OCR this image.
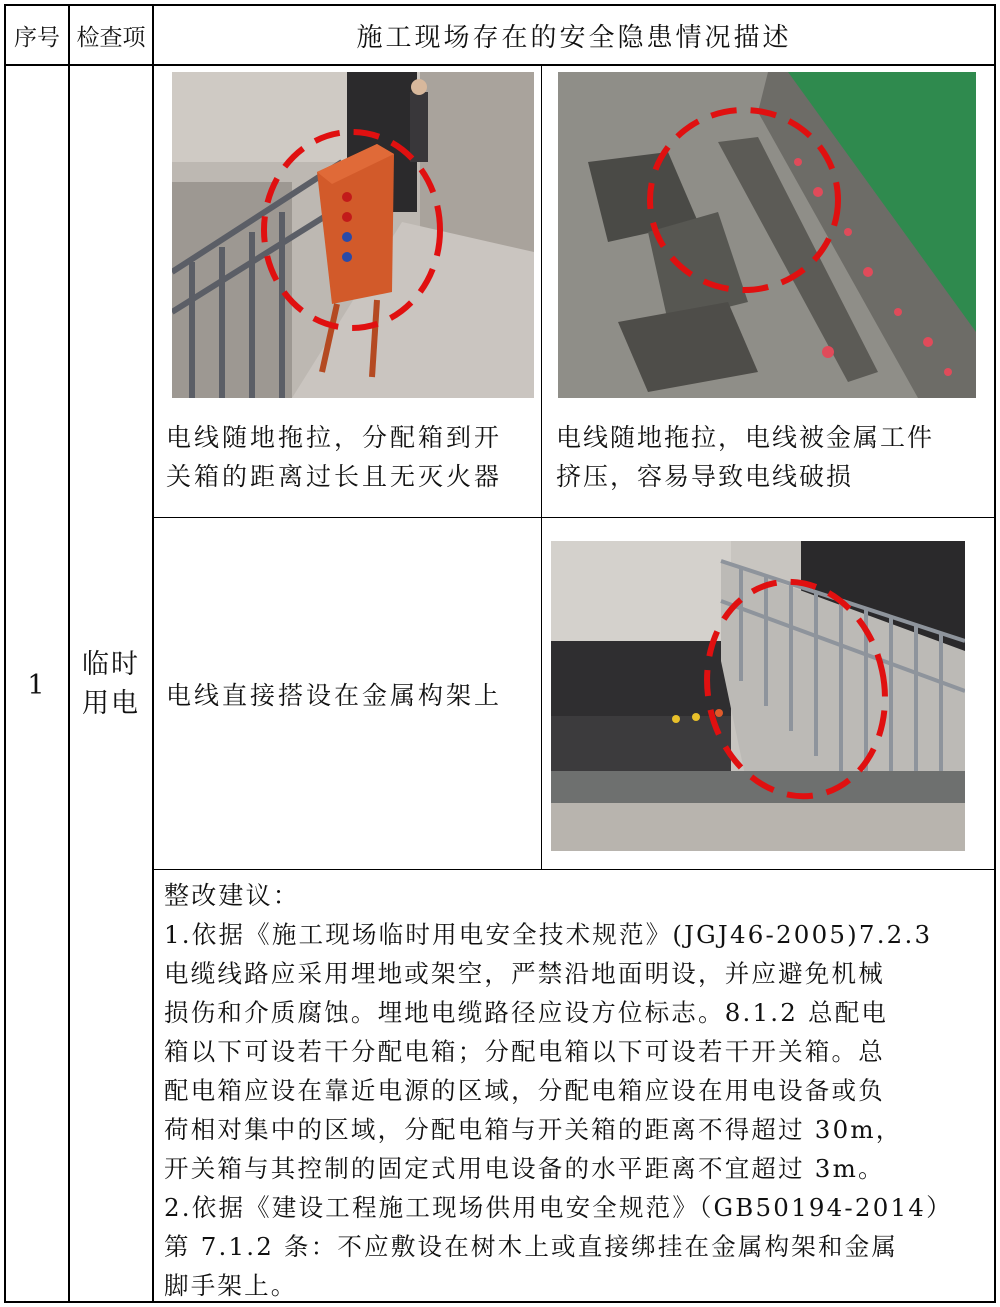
序号 检查项	施工现场存在的安全隐患情况描述
1
临时
用电
电线随地拖拉，分配箱到开
关箱的距离过长且无灭火器
电线随地拖拉，电线被金属工件
挤压，容易导致电线破损
电线直接搭设在金属构架上
整改建议：
1.依据《施工现场临时用电安全技术规范》(JGJ46-2005)7.2.3
电缆线路应采用埋地或架空，严禁沿地面明设，并应避免机械
损伤和介质腐蚀。埋地电缆路径应设方位标志。8.1.2 总配电
箱以下可设若干分配电箱；分配电箱以下可设若干开关箱。总
配电箱应设在靠近电源的区域，分配电箱应设在用电设备或负
荷相对集中的区域，分配电箱与开关箱的距离不得超过 30m，
开关箱与其控制的固定式用电设备的水平距离不宜超过 3m。
2.依据《建设工程施工现场供用电安全规范》（GB50194-2014）
第 7.1.2 条：不应敷设在树木上或直接绑挂在金属构架和金属
脚手架上。
